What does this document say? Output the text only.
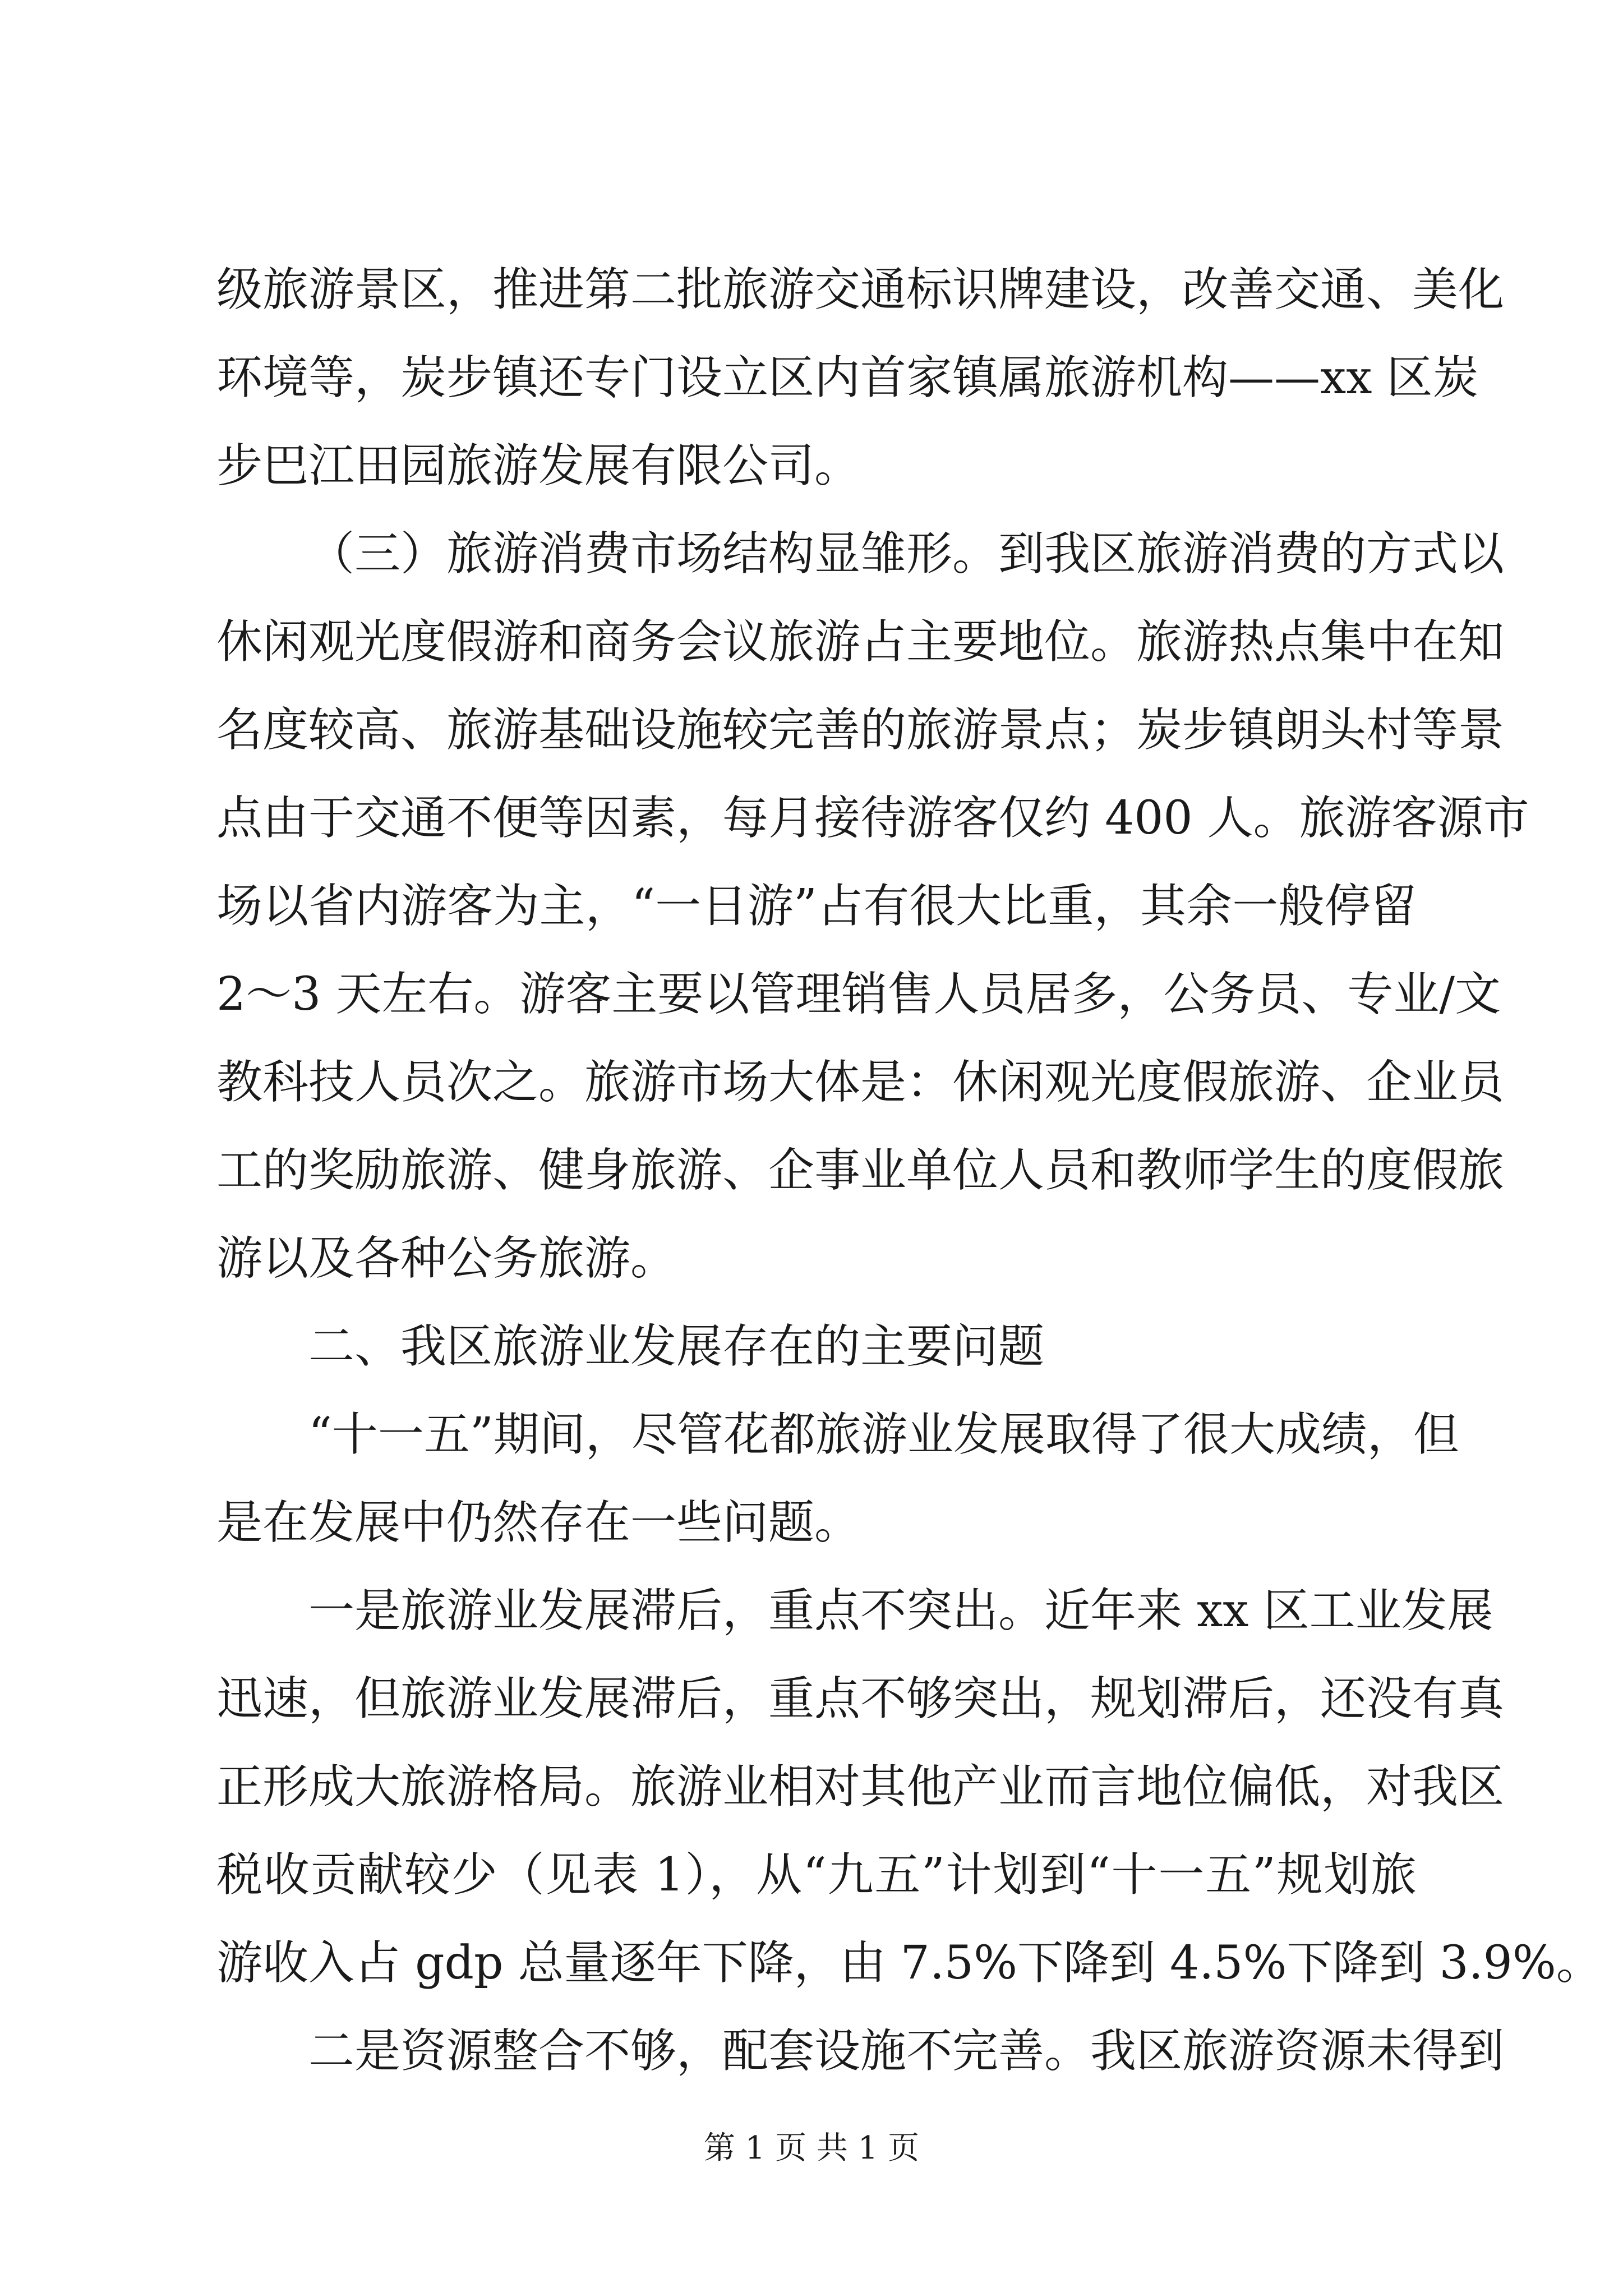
级旅游景区，推进第二批旅游交通标识牌建设，改善交通、美化
环境等，炭步镇还专门设立区内首家镇属旅游机构——xx 区炭
步巴江田园旅游发展有限公司。
（三）旅游消费市场结构显雏形。到我区旅游消费的方式以
休闲观光度假游和商务会议旅游占主要地位。旅游热点集中在知
名度较高、旅游基础设施较完善的旅游景点；炭步镇朗头村等景
点由于交通不便等因素，每月接待游客仅约 400 人。旅游客源市
场以省内游客为主，“一日游”占有很大比重，其余一般停留
2～3 天左右。游客主要以管理销售人员居多，公务员、专业/文
教科技人员次之。旅游市场大体是：休闲观光度假旅游、企业员
工的奖励旅游、健身旅游、企事业单位人员和教师学生的度假旅
游以及各种公务旅游。
二、我区旅游业发展存在的主要问题
“十一五”期间，尽管花都旅游业发展取得了很大成绩，但
是在发展中仍然存在一些问题。
一是旅游业发展滞后，重点不突出。近年来 xx 区工业发展
迅速，但旅游业发展滞后，重点不够突出，规划滞后，还没有真
正形成大旅游格局。旅游业相对其他产业而言地位偏低，对我区
税收贡献较少（见表 1），从“九五”计划到“十一五”规划旅
游收入占 gdp 总量逐年下降，由 7.5%下降到 4.5%下降到 3.9%。
二是资源整合不够，配套设施不完善。我区旅游资源未得到
第 1 页 共 1 页
